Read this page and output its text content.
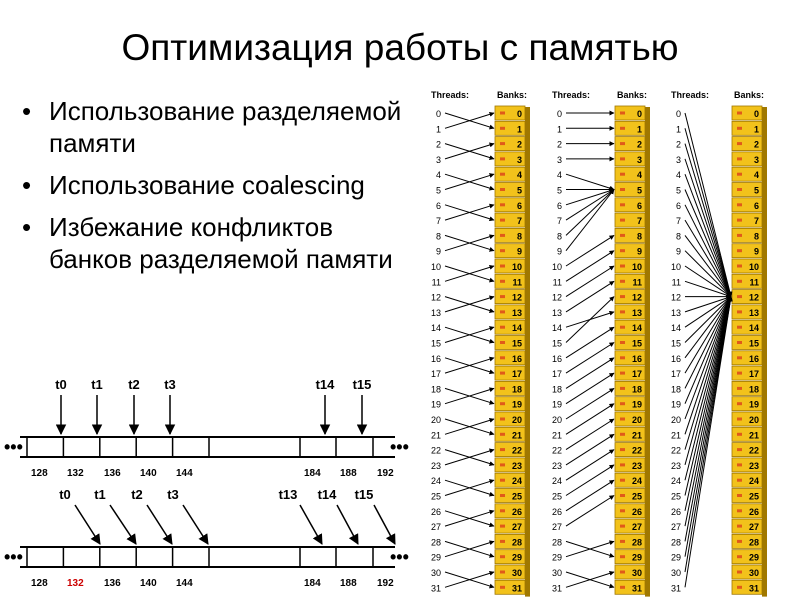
Оптимизация работы с памятью
• Использование разделяемой памяти
• Использование coalescing
• Избежание конфликтов банков разделяемой памяти
•••	•••
128 132 136 140 144	184 188 192
t0 t1 t2 t3	t14 t15
•••	•••
128 132 136 140 144	184 188 192
t0 t1 t2 t3	t13 t14 t15
Threads:	Banks:
0
0
1
1
2
2
3
3
4
4
5
5
6
6
7
7
8
8
9
9
10
10
11
11
12
12
13
13
14
14
15
15
16
16
17
17
18
18
19
19
20
20
21
21
22
22
23
23
24
24
25
25
26
26
27
27
28
28
29
29
30
30
31
31
Threads:	Banks:
0
0
1
1
2
2
3
3
4
4
5
5
6
6
7
7
8
8
9
9
10
10
11
11
12
12
13
13
14
14
15
15
16
16
17
17
18
18
19
19
20
20
21
21
22
22
23
23
24
24
25
25
26
26
27
27
28
28
29
29
30
30
31
31
Threads:	Banks:
0
0
1
1
2
2
3
3
4
4
5
5
6
6
7
7
8
8
9
9
10
10
11
11
12
12
13
13
14
14
15
15
16
16
17
17
18
18
19
19
20
20
21
21
22
22
23
23
24
24
25
25
26
26
27
27
28
28
29
29
30
30
31
31
